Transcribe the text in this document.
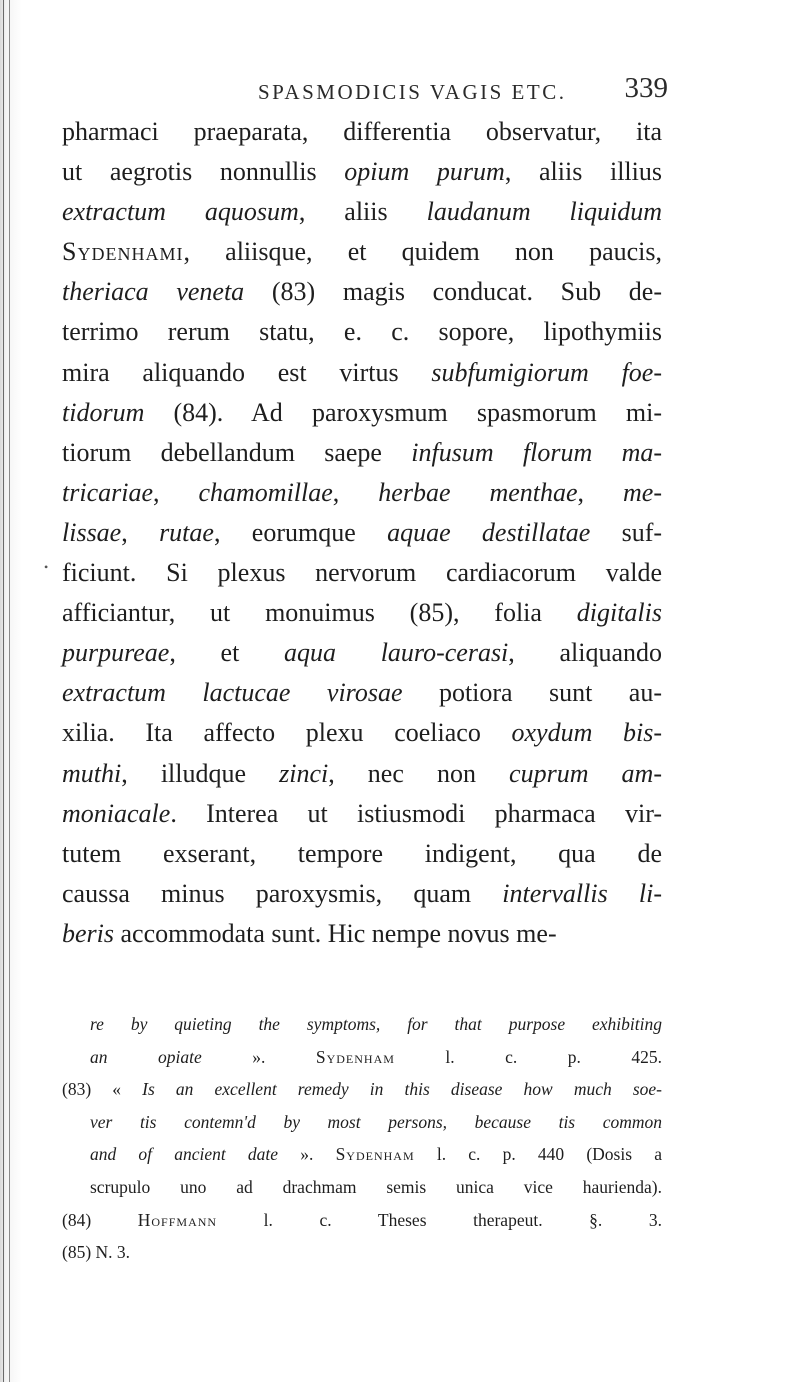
SPASMODICIS VAGIS ETC. 339
pharmaci praeparata, differentia observatur, ita
ut aegrotis nonnullis opium purum, aliis illius
extractum aquosum, aliis laudanum liquidum
Sydenhami, aliisque, et quidem non paucis,
theriaca veneta (83) magis conducat. Sub de-
terrimo rerum statu, e. c. sopore, lipothymiis
mira aliquando est virtus subfumigiorum foe-
tidorum (84). Ad paroxysmum spasmorum mi-
tiorum debellandum saepe infusum florum ma-
tricariae, chamomillae, herbae menthae, me-
lissae, rutae, eorumque aquae destillatae suf-
ficiunt. Si plexus nervorum cardiacorum valde
afficiantur, ut monuimus (85), folia digitalis
purpureae, et aqua lauro-cerasi, aliquando
extractum lactucae virosae potiora sunt au-
xilia. Ita affecto plexu coeliaco oxydum bis-
muthi, illudque zinci, nec non cuprum am-
moniacale. Interea ut istiusmodi pharmaca vir-
tutem exserant, tempore indigent, qua de
caussa minus paroxysmis, quam intervallis li-
beris accommodata sunt. Hic nempe novus me-
re by quieting the symptoms, for that purpose exhibiting
an opiate ». Sydenham l. c. p. 425.
(83) « Is an excellent remedy in this disease how much soe-
ver tis contemn'd by most persons, because tis common
and of ancient date ». Sydenham l. c. p. 440 (Dosis a
scrupulo uno ad drachmam semis unica vice haurienda).
(84) Hoffmann l. c. Theses therapeut. §. 3.
(85) N. 3.
•
